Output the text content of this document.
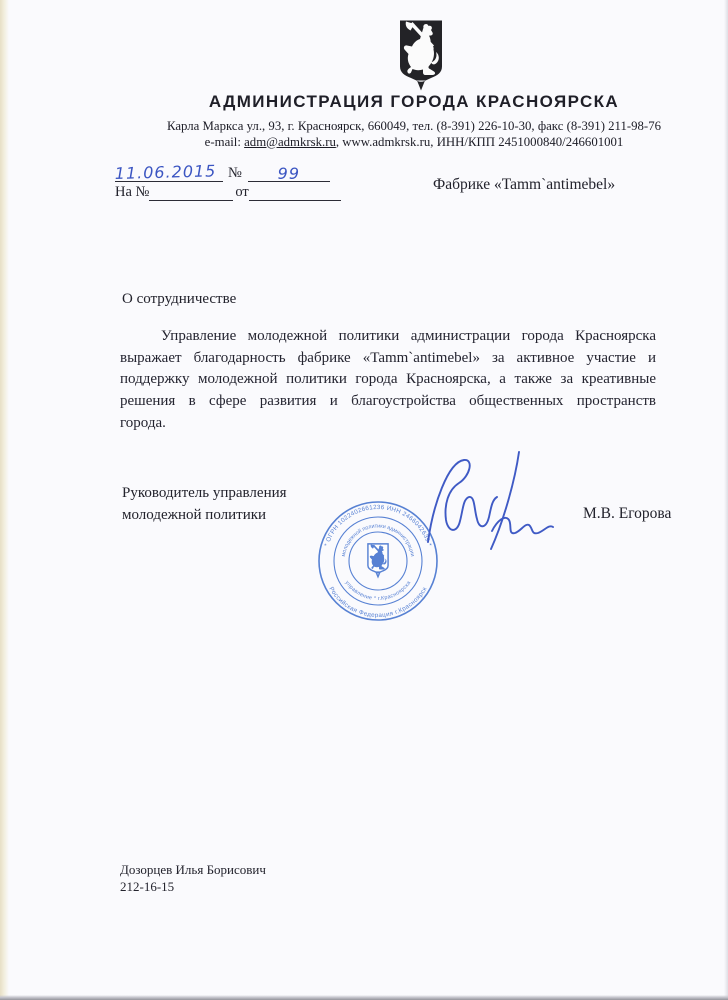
АДМИНИСТРАЦИЯ ГОРОДА КРАСНОЯРСКА
Карла Маркса ул., 93, г. Красноярск, 660049, тел. (8-391) 226-10-30, факс (8-391) 211-98-76
e-mail: adm@admkrsk.ru, www.admkrsk.ru, ИНН/КПП 2451000840/246601001
11.06.2015 №	99
На №	от	Фабрике «Tamm`antimebel»
О сотрудничестве
Управление молодежной политики администрации города Красноярска
выражает благодарность фабрике «Tamm`antimebel» за активное участие и
поддержку молодежной политики города Красноярска, а также за креативные
решения в сфере развития и благоустройства общественных пространств
города.
Руководитель управления
молодежной политики	М.В. Егорова
* ОГРН 1022402661236 ИНН 2466042639 *
Российская Федерация г.Красноярск
молодежной политики администрации
управление * г.Красноярска
Дозорцев Илья Борисович
212-16-15
